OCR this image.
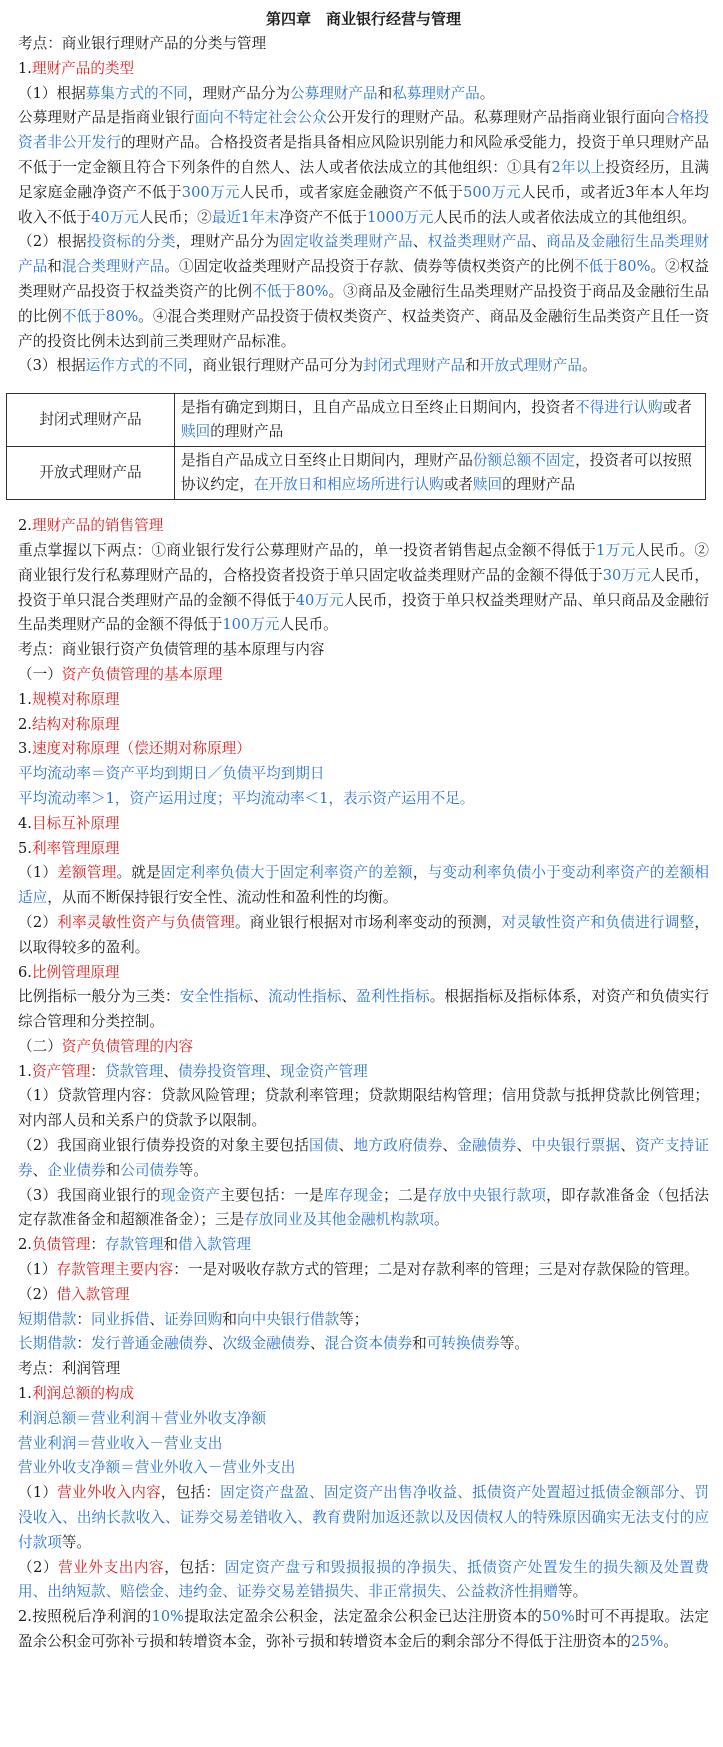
第四章　商业银行经营与管理

考点：商业银行理财产品的分类与管理

1.理财产品的类型

（1）根据募集方式的不同，理财产品分为公募理财产品和私募理财产品。

公募理财产品是指商业银行面向不特定社会公众公开发行的理财产品。私募理财产品指商业银行面向合格投资者非公开发行的理财产品。合格投资者是指具备相应风险识别能力和风险承受能力，投资于单只理财产品不低于一定金额且符合下列条件的自然人、法人或者依法成立的其他组织：①具有2年以上投资经历，且满足家庭金融净资产不低于300万元人民币，或者家庭金融资产不低于500万元人民币，或者近3年本人年均收入不低于40万元人民币；②最近1年末净资产不低于1000万元人民币的法人或者依法成立的其他组织。

（2）根据投资标的分类，理财产品分为固定收益类理财产品、权益类理财产品、商品及金融衍生品类理财产品和混合类理财产品。①固定收益类理财产品投资于存款、债券等债权类资产的比例不低于80%。②权益类理财产品投资于权益类资产的比例不低于80%。③商品及金融衍生品类理财产品投资于商品及金融衍生品的比例不低于80%。④混合类理财产品投资于债权类资产、权益类资产、商品及金融衍生品类资产且任一资产的投资比例未达到前三类理财产品标准。

（3）根据运作方式的不同，商业银行理财产品可分为封闭式理财产品和开放式理财产品。

封闭式理财产品	是指有确定到期日，且自产品成立日至终止日期间内，投资者不得进行认购或者赎回的理财产品
开放式理财产品	是指自产品成立日至终止日期间内，理财产品份额总额不固定，投资者可以按照协议约定，在开放日和相应场所进行认购或者赎回的理财产品

2.理财产品的销售管理

重点掌握以下两点：①商业银行发行公募理财产品的，单一投资者销售起点金额不得低于1万元人民币。②商业银行发行私募理财产品的，合格投资者投资于单只固定收益类理财产品的金额不得低于30万元人民币，投资于单只混合类理财产品的金额不得低于40万元人民币，投资于单只权益类理财产品、单只商品及金融衍生品类理财产品的金额不得低于100万元人民币。

考点：商业银行资产负债管理的基本原理与内容

（一）资产负债管理的基本原理

1.规模对称原理

2.结构对称原理

3.速度对称原理（偿还期对称原理）

平均流动率＝资产平均到期日／负债平均到期日

平均流动率＞1，资产运用过度；平均流动率＜1，表示资产运用不足。

4.目标互补原理

5.利率管理原理

（1）差额管理。就是固定利率负债大于固定利率资产的差额，与变动利率负债小于变动利率资产的差额相适应，从而不断保持银行安全性、流动性和盈利性的均衡。

（2）利率灵敏性资产与负债管理。商业银行根据对市场利率变动的预测，对灵敏性资产和负债进行调整，以取得较多的盈利。

6.比例管理原理

比例指标一般分为三类：安全性指标、流动性指标、盈利性指标。根据指标及指标体系，对资产和负债实行综合管理和分类控制。

（二）资产负债管理的内容

1.资产管理：贷款管理、债券投资管理、现金资产管理

（1）贷款管理内容：贷款风险管理；贷款利率管理；贷款期限结构管理；信用贷款与抵押贷款比例管理；对内部人员和关系户的贷款予以限制。

（2）我国商业银行债券投资的对象主要包括国债、地方政府债券、金融债券、中央银行票据、资产支持证券、企业债券和公司债券等。

（3）我国商业银行的现金资产主要包括：一是库存现金；二是存放中央银行款项，即存款准备金（包括法定存款准备金和超额准备金）；三是存放同业及其他金融机构款项。

2.负债管理：存款管理和借入款管理

（1）存款管理主要内容：一是对吸收存款方式的管理；二是对存款利率的管理；三是对存款保险的管理。

（2）借入款管理

短期借款：同业拆借、证券回购和向中央银行借款等；

长期借款：发行普通金融债券、次级金融债券、混合资本债券和可转换债券等。

考点：利润管理

1.利润总额的构成

利润总额＝营业利润＋营业外收支净额

营业利润＝营业收入－营业支出

营业外收支净额＝营业外收入－营业外支出

（1）营业外收入内容，包括：固定资产盘盈、固定资产出售净收益、抵债资产处置超过抵债金额部分、罚没收入、出纳长款收入、证券交易差错收入、教育费附加返还款以及因债权人的特殊原因确实无法支付的应付款项等。

（2）营业外支出内容，包括：固定资产盘亏和毁损报损的净损失、抵债资产处置发生的损失额及处置费用、出纳短款、赔偿金、违约金、证券交易差错损失、非正常损失、公益救济性捐赠等。

2.按照税后净利润的10%提取法定盈余公积金，法定盈余公积金已达注册资本的50%时可不再提取。法定盈余公积金可弥补亏损和转增资本金，弥补亏损和转增资本金后的剩余部分不得低于注册资本的25%。
